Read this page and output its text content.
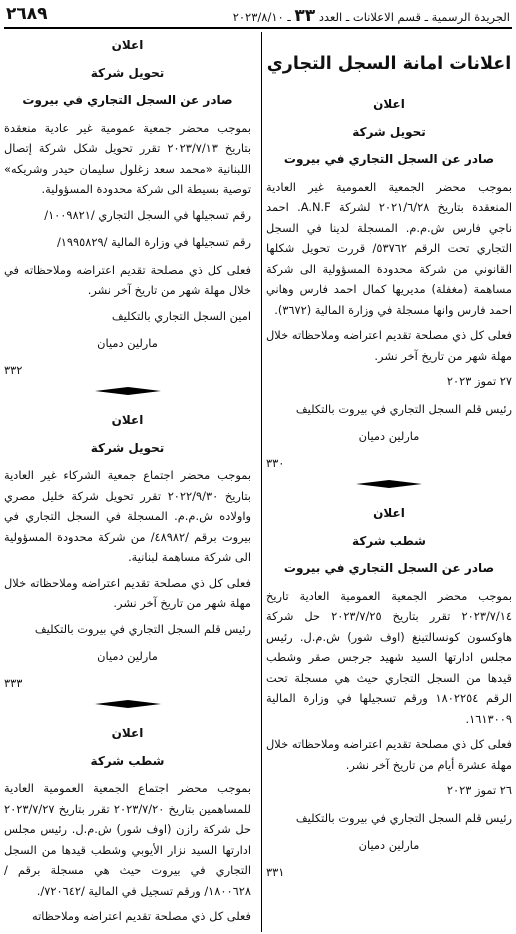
الجريدة الرسمية ـ قسم الاعلانات ـ العدد ٣٣ ـ ٢٠٢٣/٨/١٠
٢٦٨٩
اعلانات امانة السجل التجاري
اعلان
تحويل شركة
صادر عن السجل التجاري في بيروت
بموجب محضر الجمعية العمومية غير العادية المنعقدة بتاريخ ٢٠٢١/٦/٢٨ لشركة A.N.F. احمد ناجي فارس ش.م.م. المسجلة لدينا في السجل التجاري تحت الرقم ٥٣٧٦٢/ قررت تحويل شكلها القانوني من شركة محدودة المسؤولية الى شركة مساهمة (مغفلة) مديريها كمال احمد فارس وهاني احمد فارس وانها مسجلة في وزارة المالية (٣٦٧٢).
فعلى كل ذي مصلحة تقديم اعتراضه وملاحظاته خلال مهلة شهر من تاريخ آخر نشر.
٢٧ تموز ٢٠٢٣
رئيس قلم السجل التجاري في بيروت بالتكليف
مارلين دميان
٣٣٠
اعلان
شطب شركة
صادر عن السجل التجاري في بيروت
بموجب محضر الجمعية العمومية العادية تاريخ ٢٠٢٣/٧/١٤ تقرر بتاريخ ٢٠٢٣/٧/٢٥ حل شركة هاوكسون كونسالتينغ (اوف شور) ش.م.ل. رئيس مجلس ادارتها السيد شهيد جرجس صقر وشطب قيدها من السجل التجاري حيث هي مسجلة تحت الرقم ١٨٠٢٢٥٤ ورقم تسجيلها في وزارة المالية ١٦١٣٠٠٩.
فعلى كل ذي مصلحة تقديم اعتراضه وملاحظاته خلال مهلة عشرة أيام من تاريخ آخر نشر.
٢٦ تموز ٢٠٢٣
رئيس قلم السجل التجاري في بيروت بالتكليف
مارلين دميان
٣٣١
اعلان
تحويل شركة
صادر عن السجل التجاري في بيروت
بموجب محضر جمعية عمومية غير عادية منعقدة بتاريخ ٢٠٢٣/٧/١٣ تقرر تحويل شكل شركة إتصال اللبنانية «محمد سعد زغلول سليمان حيدر وشريكه» توصية بسيطة الى شركة محدودة المسؤولية.
رقم تسجيلها في السجل التجاري /١٠٠٩٨٢١/
رقم تسجيلها في وزارة المالية /١٩٩٥٨٢٩/
فعلى كل ذي مصلحة تقديم اعتراضه وملاحظاته في خلال مهلة شهر من تاريخ آخر نشر.
امين السجل التجاري بالتكليف
مارلين دميان
٣٣٢
اعلان
تحويل شركة
بموجب محضر اجتماع جمعية الشركاء غير العادية بتاريخ ٢٠٢٢/٩/٣٠ تقرر تحويل شركة خليل مصري واولاده ش.م.م. المسجلة في السجل التجاري في بيروت برقم /٤٨٩٨٢/ من شركة محدودة المسؤولية الى شركة مساهمة لبنانية.
فعلى كل ذي مصلحة تقديم اعتراضه وملاحظاته خلال مهلة شهر من تاريخ آخر نشر.
رئيس قلم السجل التجاري في بيروت بالتكليف
مارلين دميان
٣٣٣
اعلان
شطب شركة
بموجب محضر اجتماع الجمعية العمومية العادية للمساهمين بتاريخ ٢٠٢٣/٧/٢٠ تقرر بتاريخ ٢٠٢٣/٧/٢٧ حل شركة رازن (اوف شور) ش.م.ل. رئيس مجلس ادارتها السيد نزار الأيوبي وشطب قيدها من السجل التجاري في بيروت حيث هي مسجلة برقم /١٨٠٠٦٢٨/ ورقم تسجيل في المالية /٧٢٠٦٤٢/.
فعلى كل ذي مصلحة تقديم اعتراضه وملاحظاته
